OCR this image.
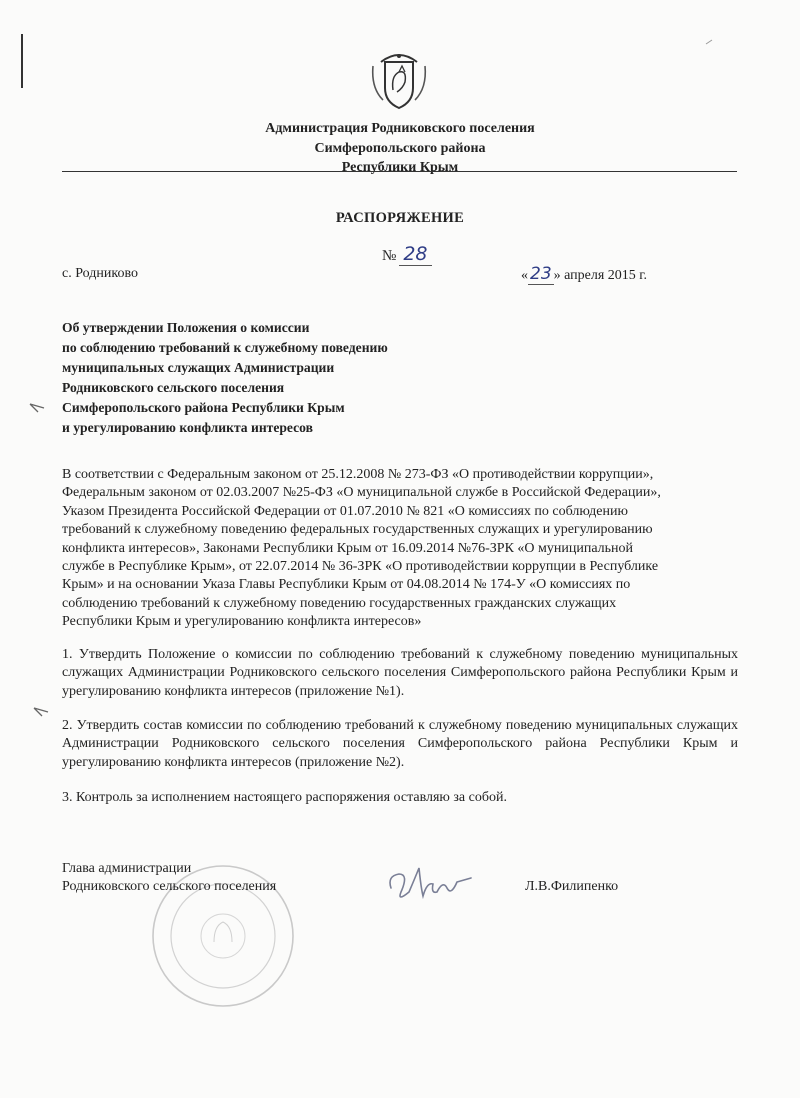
Администрация Родниковского поселения
Симферопольского района
Республики Крым
РАСПОРЯЖЕНИЕ
№ 28
с. Родниково	« 23 » апреля 2015 г.
Об утверждении Положения о комиссии
по соблюдению требований к служебному поведению
муниципальных служащих Администрации
Родниковского сельского поселения
Симферопольского района Республики Крым
и урегулированию конфликта интересов
В соответствии с Федеральным законом от 25.12.2008 № 273-ФЗ «О противодействии коррупции»,
Федеральным законом от 02.03.2007 №25-ФЗ «О муниципальной службе в Российской Федерации»,
Указом Президента Российской Федерации от 01.07.2010 № 821 «О комиссиях по соблюдению
требований к служебному поведению федеральных государственных служащих и урегулированию
конфликта интересов», Законами Республики Крым от 16.09.2014 №76-ЗРК «О муниципальной
службе в Республике Крым», от 22.07.2014 № 36-ЗРК «О противодействии коррупции в Республике
Крым» и на основании Указа Главы Республики Крым от 04.08.2014 № 174-У «О комиссиях по
соблюдению требований к служебному поведению государственных гражданских служащих
Республики Крым и урегулированию конфликта интересов»
1. Утвердить Положение о комиссии по соблюдению требований к служебному поведению муниципальных служащих Администрации Родниковского сельского поселения Симферопольского района Республики Крым и урегулированию конфликта интересов (приложение №1).
2. Утвердить состав комиссии по соблюдению требований к служебному поведению муниципальных служащих Администрации Родниковского сельского поселения Симферопольского района Республики Крым и урегулированию конфликта интересов (приложение №2).
3. Контроль за исполнением настоящего распоряжения оставляю за собой.
Глава администрации
Родниковского сельского поселения	Л.В.Филипенко
